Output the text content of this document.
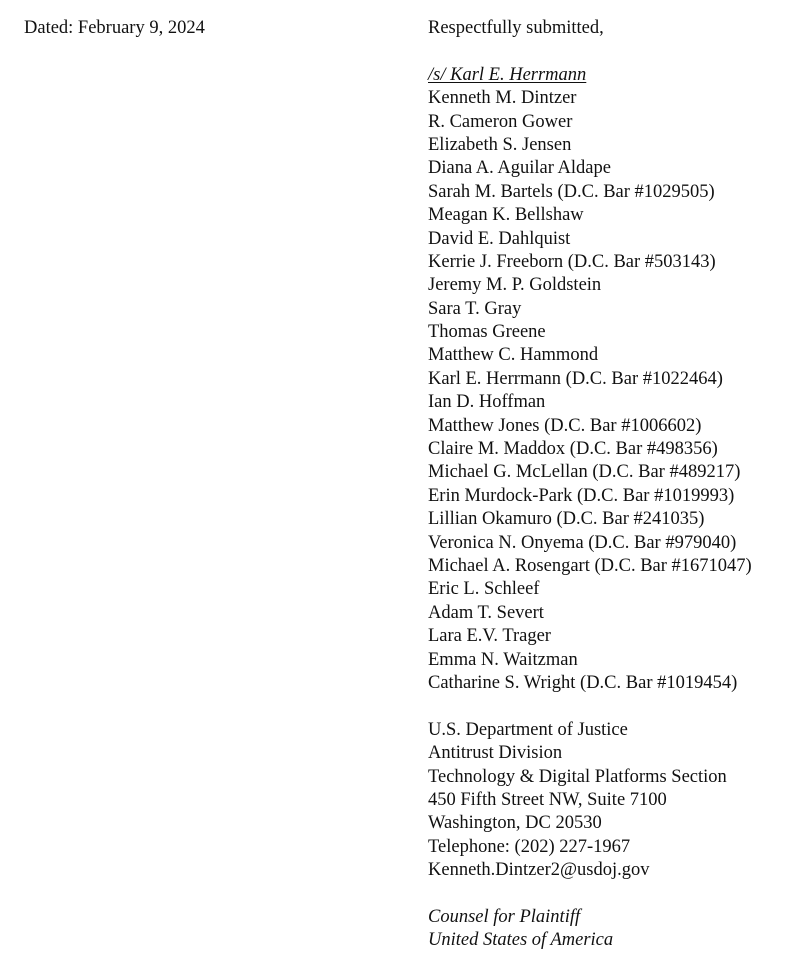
Dated: February 9, 2024	Respectfully submitted,
/s/ Karl E. Herrmann
Kenneth M. Dintzer
R. Cameron Gower
Elizabeth S. Jensen
Diana A. Aguilar Aldape
Sarah M. Bartels (D.C. Bar #1029505)
Meagan K. Bellshaw
David E. Dahlquist
Kerrie J. Freeborn (D.C. Bar #503143)
Jeremy M. P. Goldstein
Sara T. Gray
Thomas Greene
Matthew C. Hammond
Karl E. Herrmann (D.C. Bar #1022464)
Ian D. Hoffman
Matthew Jones (D.C. Bar #1006602)
Claire M. Maddox (D.C. Bar #498356)
Michael G. McLellan (D.C. Bar #489217)
Erin Murdock-Park (D.C. Bar #1019993)
Lillian Okamuro (D.C. Bar #241035)
Veronica N. Onyema (D.C. Bar #979040)
Michael A. Rosengart (D.C. Bar #1671047)
Eric L. Schleef
Adam T. Severt
Lara E.V. Trager
Emma N. Waitzman
Catharine S. Wright (D.C. Bar #1019454)
U.S. Department of Justice
Antitrust Division
Technology & Digital Platforms Section
450 Fifth Street NW, Suite 7100
Washington, DC 20530
Telephone: (202) 227-1967
Kenneth.Dintzer2@usdoj.gov
Counsel for Plaintiff
United States of America
